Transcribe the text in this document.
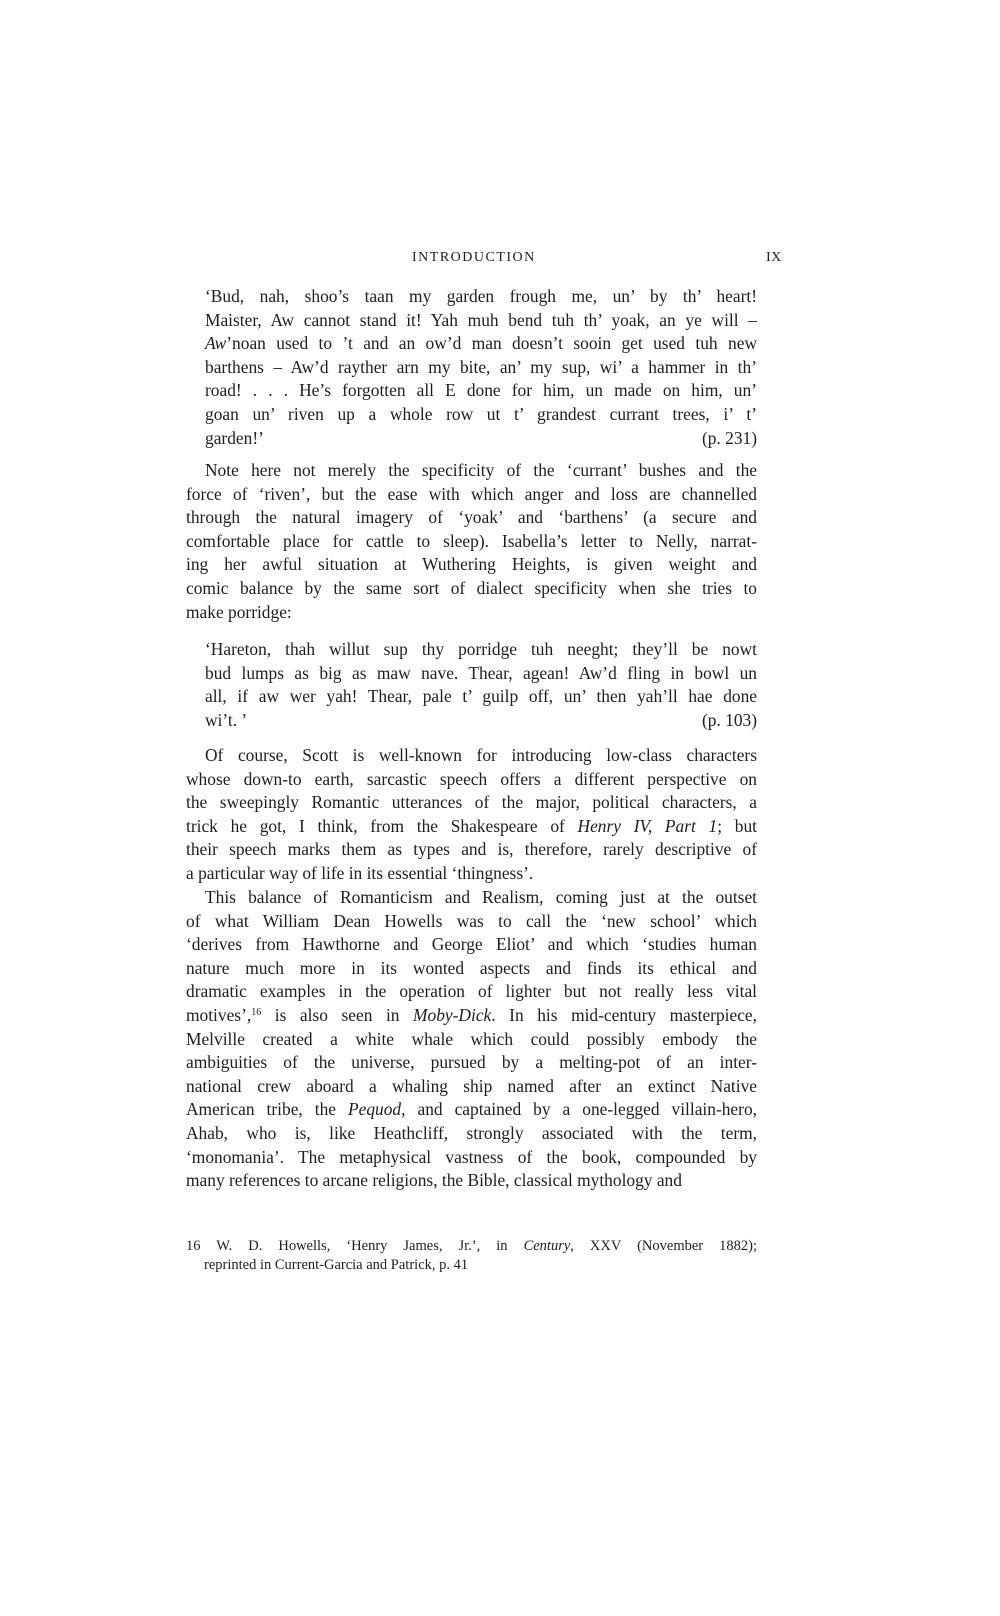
INTRODUCTION	IX
‘Bud, nah, shoo’s taan my garden frough me, un’ by th’ heart!
Maister, Aw cannot stand it! Yah muh bend tuh th’ yoak, an ye will –
Aw’noan used to ’t and an ow’d man doesn’t sooin get used tuh new
barthens – Aw’d rayther arn my bite, an’ my sup, wi’ a hammer in th’
road! . . . He’s forgotten all E done for him, un made on him, un’
goan un’ riven up a whole row ut t’ grandest currant trees, i’ t’
garden!’	(p. 231)
Note here not merely the specificity of the ‘currant’ bushes and the
force of ‘riven’, but the ease with which anger and loss are channelled
through the natural imagery of ‘yoak’ and ‘barthens’ (a secure and
comfortable place for cattle to sleep). Isabella’s letter to Nelly, narrat-
ing her awful situation at Wuthering Heights, is given weight and
comic balance by the same sort of dialect specificity when she tries to
make porridge:
‘Hareton, thah willut sup thy porridge tuh neeght; they’ll be nowt
bud lumps as big as maw nave. Thear, agean! Aw’d fling in bowl un
all, if aw wer yah! Thear, pale t’ guilp off, un’ then yah’ll hae done
wi’t. ’	(p. 103)
Of course, Scott is well-known for introducing low-class characters
whose down-to earth, sarcastic speech offers a different perspective on
the sweepingly Romantic utterances of the major, political characters, a
trick he got, I think, from the Shakespeare of Henry IV, Part 1; but
their speech marks them as types and is, therefore, rarely descriptive of
a particular way of life in its essential ‘thingness’.
This balance of Romanticism and Realism, coming just at the outset
of what William Dean Howells was to call the ‘new school’ which
‘derives from Hawthorne and George Eliot’ and which ‘studies human
nature much more in its wonted aspects and finds its ethical and
dramatic examples in the operation of lighter but not really less vital
motives’,$^{16}$ is also seen in Moby-Dick. In his mid-century masterpiece,
Melville created a white whale which could possibly embody the
ambiguities of the universe, pursued by a melting-pot of an inter-
national crew aboard a whaling ship named after an extinct Native
American tribe, the Pequod, and captained by a one-legged villain-hero,
Ahab, who is, like Heathcliff, strongly associated with the term,
‘monomania’. The metaphysical vastness of the book, compounded by
many references to arcane religions, the Bible, classical mythology and
16 W. D. Howells, ‘Henry James, Jr.’, in Century, XXV (November 1882);
reprinted in Current-Garcia and Patrick, p. 41
